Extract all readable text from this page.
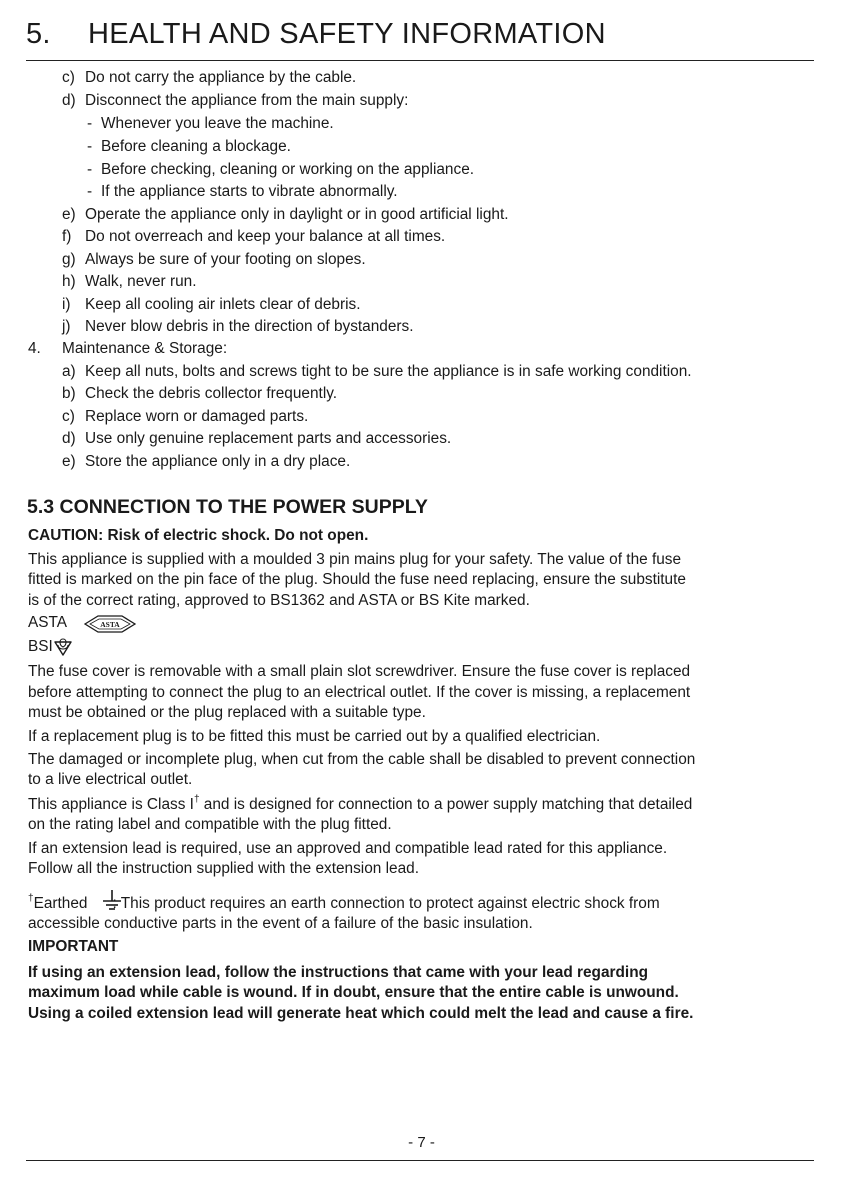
5. HEALTH AND SAFETY INFORMATION
c) Do not carry the appliance by the cable.
d) Disconnect the appliance from the main supply:
- Whenever you leave the machine.
- Before cleaning a blockage.
- Before checking, cleaning or working on the appliance.
- If the appliance starts to vibrate abnormally.
e) Operate the appliance only in daylight or in good artificial light.
f) Do not overreach and keep your balance at all times.
g) Always be sure of your footing on slopes.
h) Walk, never run.
i) Keep all cooling air inlets clear of debris.
j) Never blow debris in the direction of bystanders.
4. Maintenance & Storage:
a) Keep all nuts, bolts and screws tight to be sure the appliance is in safe working condition.
b) Check the debris collector frequently.
c) Replace worn or damaged parts.
d) Use only genuine replacement parts and accessories.
e) Store the appliance only in a dry place.
5.3 CONNECTION TO THE POWER SUPPLY
CAUTION: Risk of electric shock. Do not open.
This appliance is supplied with a moulded 3 pin mains plug for your safety. The value of the fuse
fitted is marked on the pin face of the plug. Should the fuse need replacing, ensure the substitute
is of the correct rating, approved to BS1362 and ASTA or BS Kite marked.
ASTA	ASTA
BSI
The fuse cover is removable with a small plain slot screwdriver. Ensure the fuse cover is replaced
before attempting to connect the plug to an electrical outlet. If the cover is missing, a replacement
must be obtained or the plug replaced with a suitable type.
If a replacement plug is to be fitted this must be carried out by a qualified electrician.
The damaged or incomplete plug, when cut from the cable shall be disabled to prevent connection
to a live electrical outlet.
This appliance is Class I† and is designed for connection to a power supply matching that detailed
on the rating label and compatible with the plug fitted.
If an extension lead is required, use an approved and compatible lead rated for this appliance.
Follow all the instruction supplied with the extension lead.
†Earthed : This product requires an earth connection to protect against electric shock from
accessible conductive parts in the event of a failure of the basic insulation.
IMPORTANT
If using an extension lead, follow the instructions that came with your lead regarding
maximum load while cable is wound. If in doubt, ensure that the entire cable is unwound.
Using a coiled extension lead will generate heat which could melt the lead and cause a fire.
- 7 -
